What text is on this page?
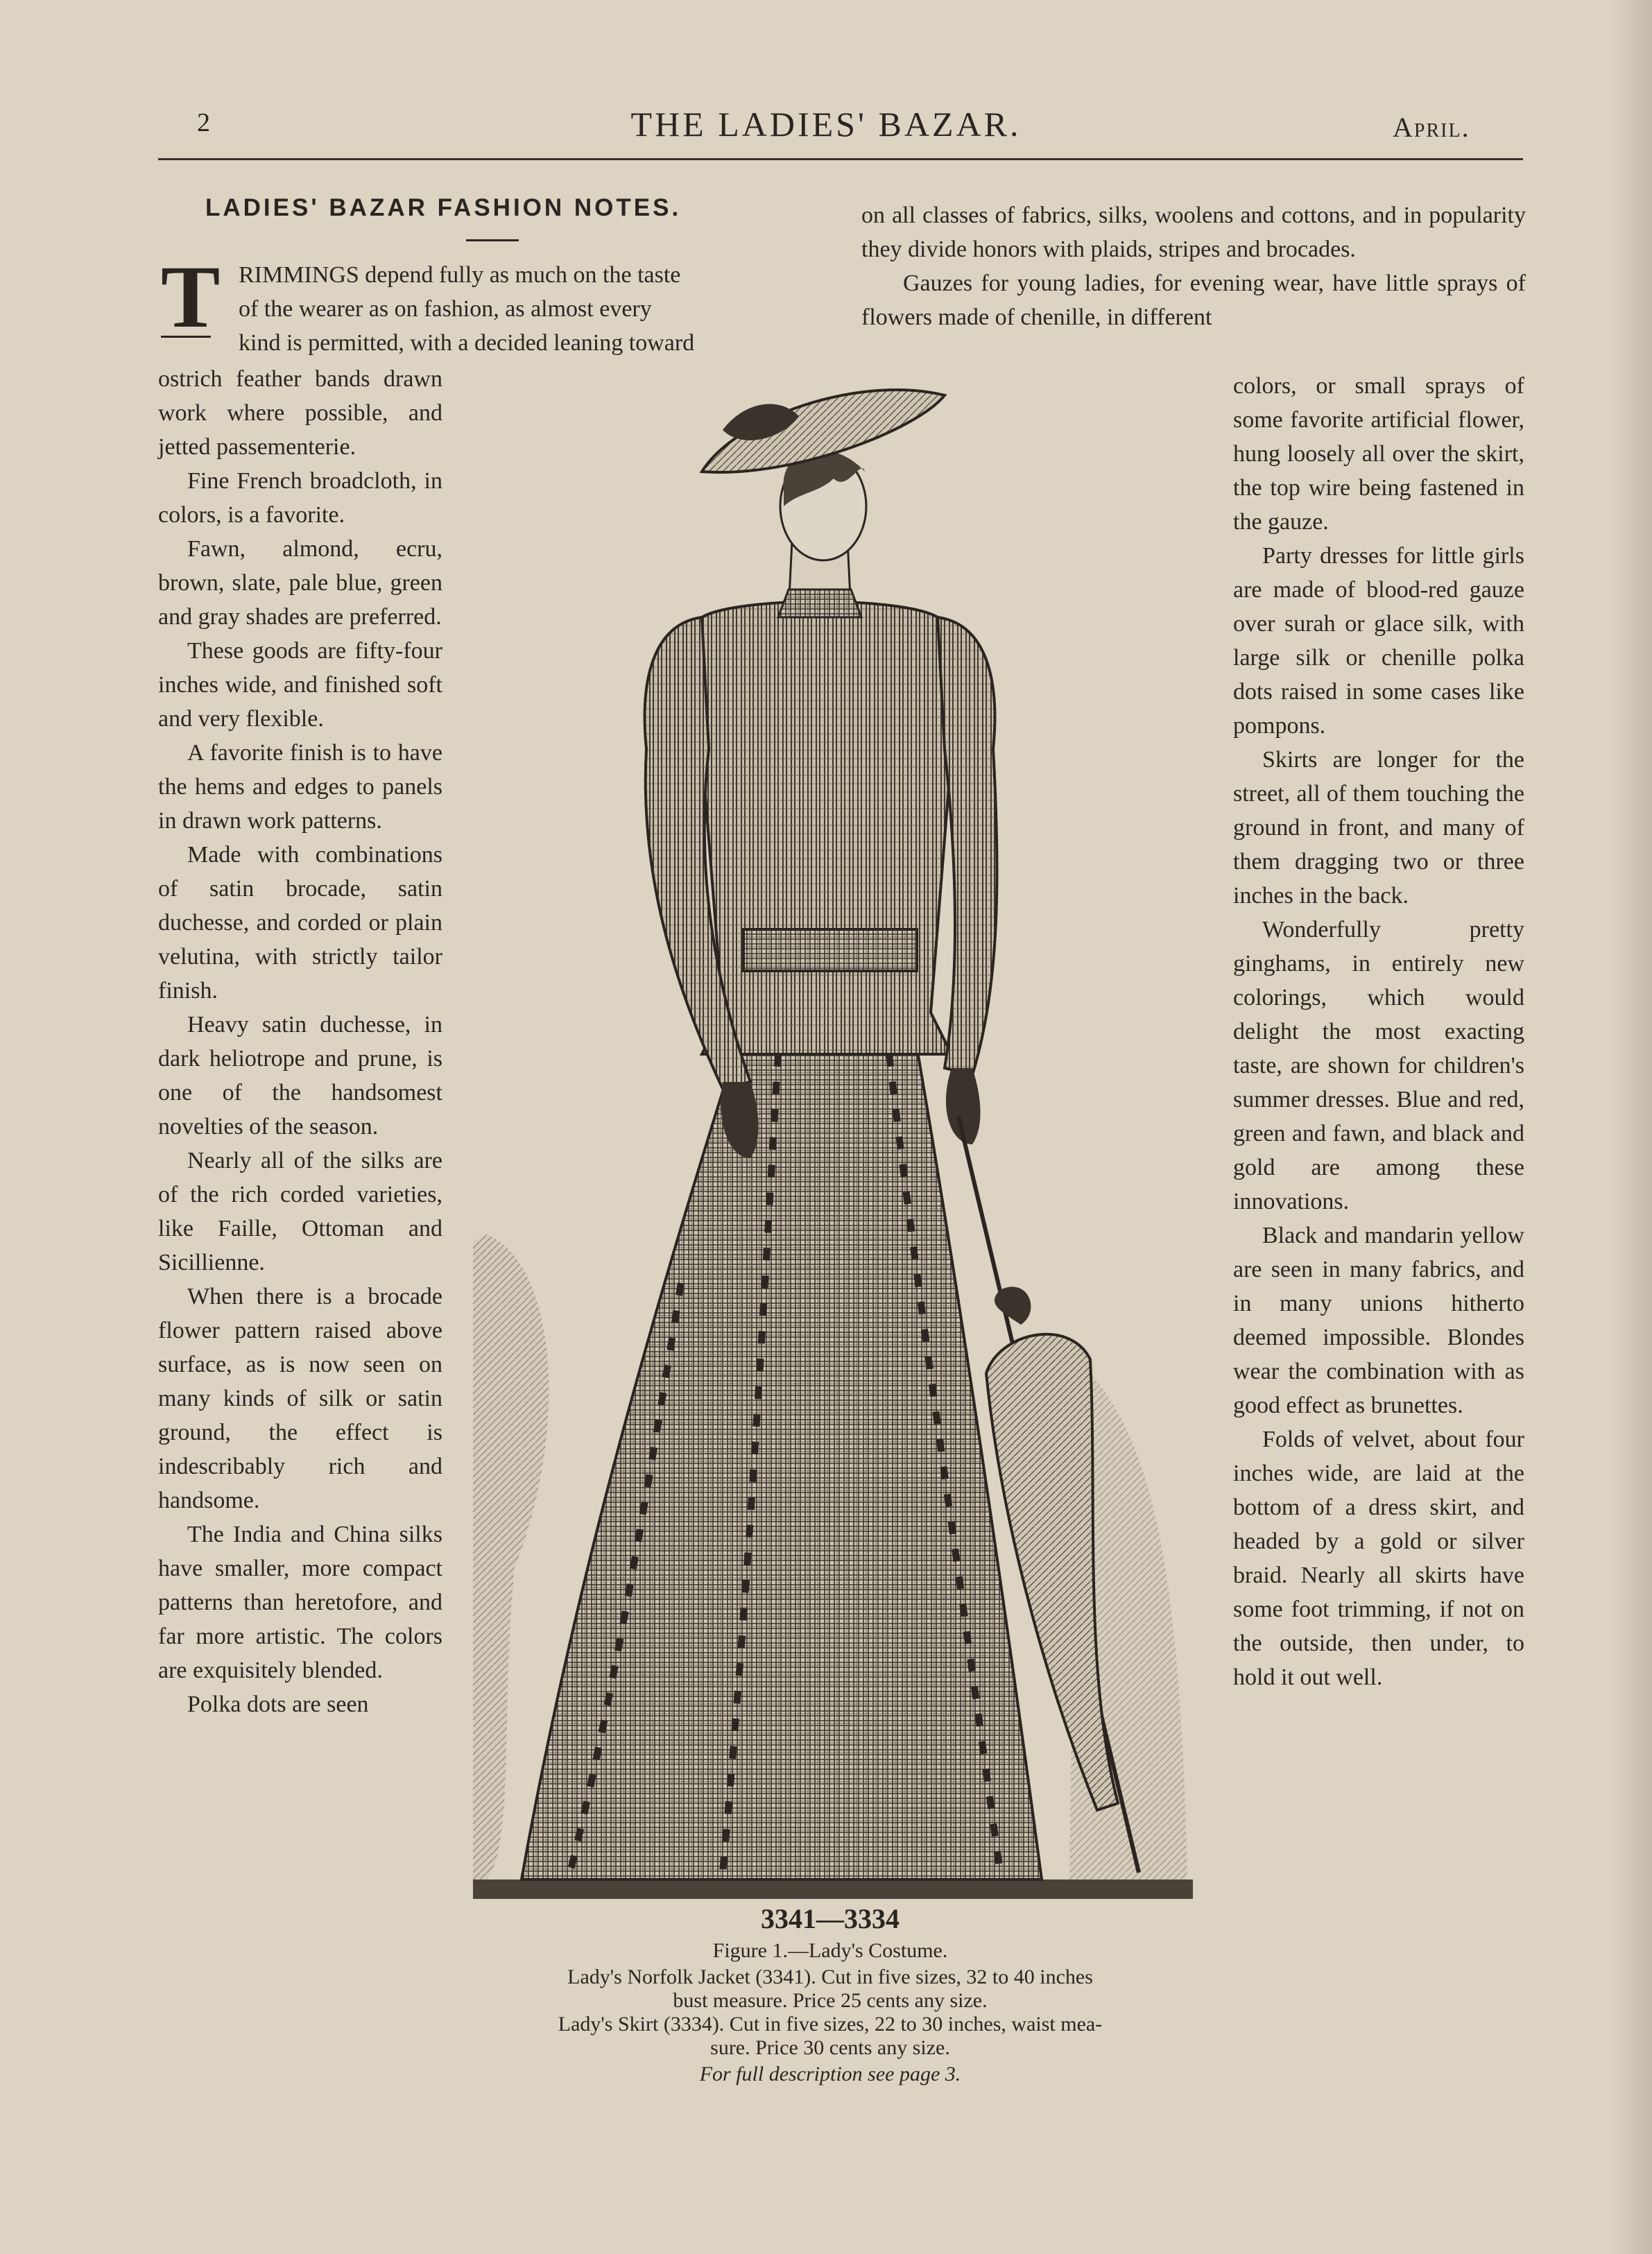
2	THE LADIES' BAZAR.	April.
LADIES' BAZAR FASHION NOTES.
T RIMMINGS depend fully as much on the taste
of the wearer as on fashion, as almost every
kind is permitted, with a decided leaning toward

on all classes of fabrics, silks, woolens and cottons, and in popularity they divide honors with plaids, stripes and brocades.

Gauzes for young ladies, for evening wear, have little sprays of flowers made of chenille, in different

ostrich feather bands drawn work where possible, and jetted passementerie.

Fine French broadcloth, in colors, is a favorite.

Fawn, almond, ecru, brown, slate, pale blue, green and gray shades are preferred.

These goods are fifty-four inches wide, and finished soft and very flexible.

A favorite finish is to have the hems and edges to panels in drawn work patterns.

Made with combinations of satin brocade, satin duchesse, and corded or plain velutina, with strictly tailor finish.

Heavy satin duchesse, in dark heliotrope and prune, is one of the handsomest novelties of the season.

Nearly all of the silks are of the rich corded varieties, like Faille, Ottoman and Sicillienne.

When there is a brocade flower pattern raised above surface, as is now seen on many kinds of silk or satin ground, the effect is indescribably rich and handsome.

The India and China silks have smaller, more compact patterns than heretofore, and far more artistic. The colors are exquisitely blended.

Polka dots are seen

colors, or small sprays of some favorite artificial flower, hung loosely all over the skirt, the top wire being fastened in the gauze.

Party dresses for little girls are made of blood-red gauze over surah or glace silk, with large silk or chenille polka dots raised in some cases like pompons.

Skirts are longer for the street, all of them touching the ground in front, and many of them dragging two or three inches in the back.

Wonderfully pretty ginghams, in entirely new colorings, which would delight the most exacting taste, are shown for children's summer dresses. Blue and red, green and fawn, and black and gold are among these innovations.

Black and mandarin yellow are seen in many fabrics, and in many unions hitherto deemed impossible. Blondes wear the combination with as good effect as brunettes.

Folds of velvet, about four inches wide, are laid at the bottom of a dress skirt, and headed by a gold or silver braid. Nearly all skirts have some foot trimming, if not on the outside, then under, to hold it out well.

3341—3334
Figure 1.—Lady's Costume.
Lady's Norfolk Jacket (3341). Cut in five sizes, 32 to 40 inches
bust measure. Price 25 cents any size.
Lady's Skirt (3334). Cut in five sizes, 22 to 30 inches, waist mea-
sure. Price 30 cents any size.
For full description see page 3.
